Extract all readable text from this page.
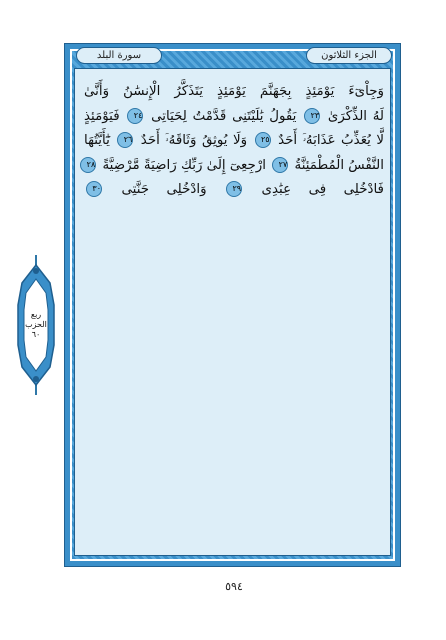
الجزء الثلاثون
سورة البلد
وَجِاْىٓءَ يَوْمَئِذٍ بِجَهَنَّمَ يَوْمَئِذٍ يَتَذَكَّرُ الْإِنسَٰنُ وَأَنَّىٰ
لَهُ الذِّكْرَىٰ ٢٣ يَقُولُ يَٰلَيْتَنِى قَدَّمْتُ لِحَيَاتِى ٢٤ فَيَوْمَئِذٍ
لَّا يُعَذِّبُ عَذَابَهُۥٓ أَحَدٌ ٢٥ وَلَا يُوثِقُ وَثَاقَهُۥٓ أَحَدٌ ٢٦ يَٰٓأَيَّتُهَا
النَّفْسُ الْمُطْمَئِنَّةُ ٢٧ ارْجِعِىٓ إِلَىٰ رَبِّكِ رَاضِيَةً مَّرْضِيَّةً ٢٨
فَادْخُلِى فِى عِبَٰدِى ٢٩ وَادْخُلِى جَنَّتِى ٣٠
ربع
الحزب
٦٠
٥٩٤
